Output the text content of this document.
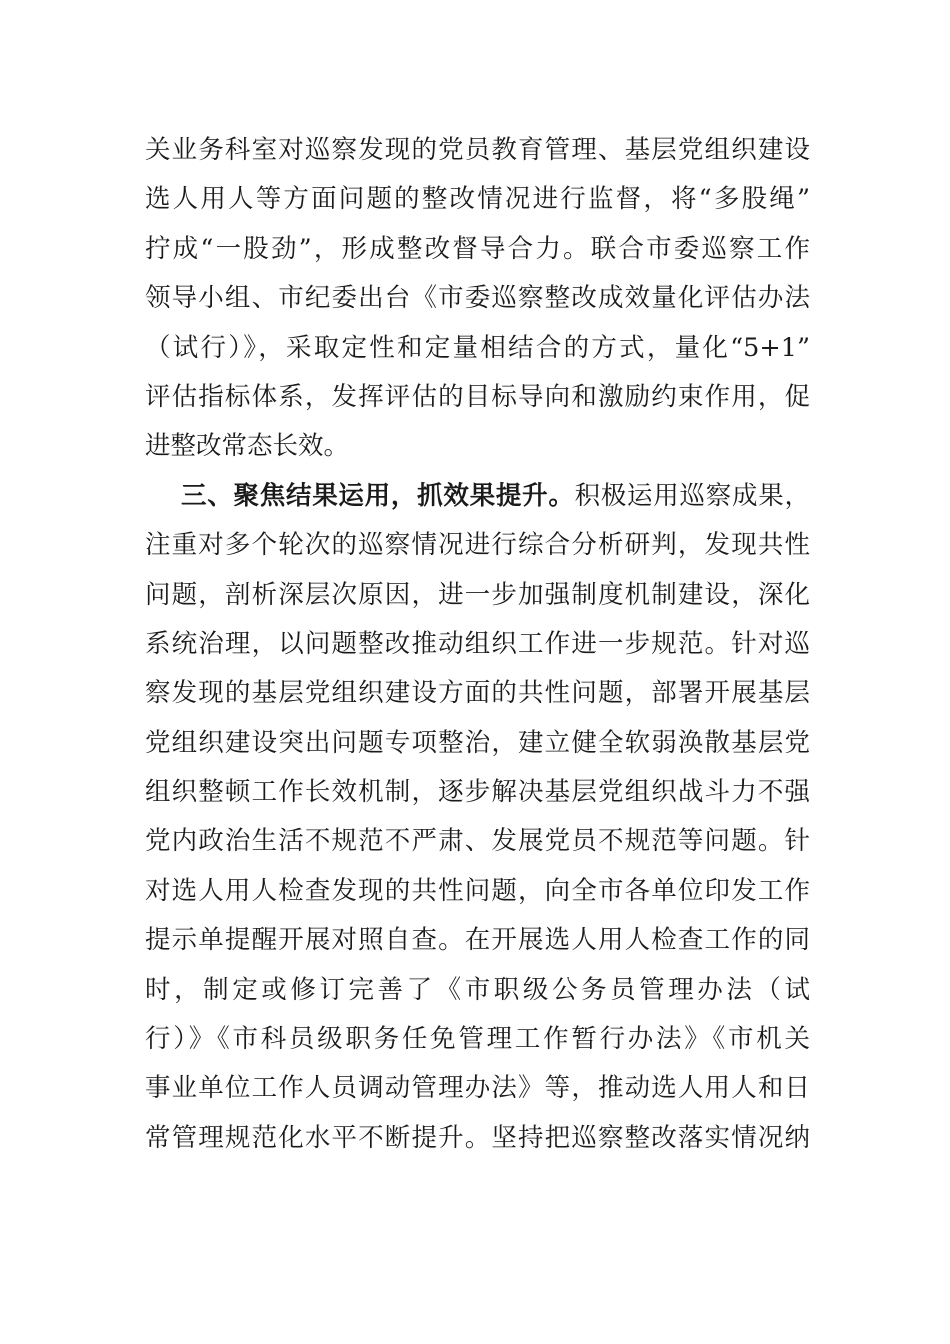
关业务科室对巡察发现的党员教育管理、基层党组织建设
选人用人等方面问题的整改情况进行监督，将“多股绳”
拧成“一股劲”，形成整改督导合力。联合市委巡察工作
领导小组、市纪委出台《市委巡察整改成效量化评估办法
（试行）》，采取定性和定量相结合的方式，量化“5+1”
评估指标体系，发挥评估的目标导向和激励约束作用，促
进整改常态长效。
三、聚焦结果运用，抓效果提升。积极运用巡察成果，
注重对多个轮次的巡察情况进行综合分析研判，发现共性
问题，剖析深层次原因，进一步加强制度机制建设，深化
系统治理，以问题整改推动组织工作进一步规范。针对巡
察发现的基层党组织建设方面的共性问题，部署开展基层
党组织建设突出问题专项整治，建立健全软弱涣散基层党
组织整顿工作长效机制，逐步解决基层党组织战斗力不强
党内政治生活不规范不严肃、发展党员不规范等问题。针
对选人用人检查发现的共性问题，向全市各单位印发工作
提示单提醒开展对照自查。在开展选人用人检查工作的同
时，制定或修订完善了《市职级公务员管理办法（试
行）》《市科员级职务任免管理工作暂行办法》《市机关
事业单位工作人员调动管理办法》等，推动选人用人和日
常管理规范化水平不断提升。坚持把巡察整改落实情况纳
